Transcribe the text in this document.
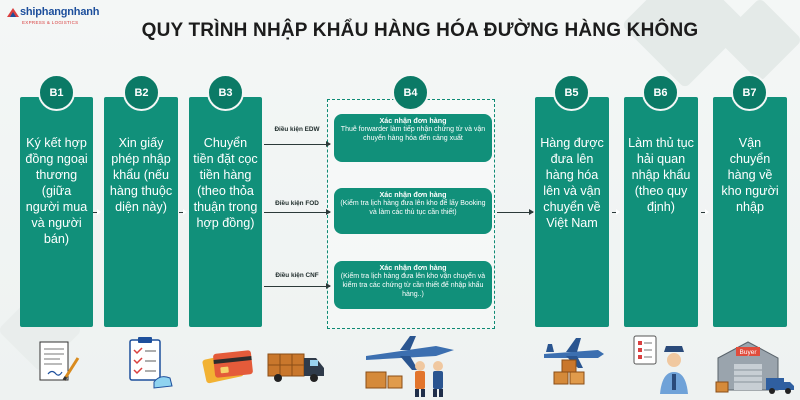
shiphangnhanh
EXPRESS & LOGISTICS	QUY TRÌNH NHẬP KHẨU HÀNG HÓA ĐƯỜNG HÀNG KHÔNG
Ký kết hợp đồng ngoại thương (giữa người mua và người bán)
B1
Xin giấy phép nhập khẩu (nếu hàng thuộc diện này)
B2
Chuyển tiền đặt cọc tiền hàng (theo thỏa thuận trong hợp đồng)
B3
Hàng được đưa lên hàng hóa lên và vận chuyển về Việt Nam
B5
Làm thủ tục hải quan nhập khẩu (theo quy định)
B6
Vận chuyển hàng về kho người nhập
B7
B4
Điều kiện EDW
Điều kiện FOD
Điều kiện CNF
Xác nhận đơn hàng
Thuê forwarder làm tiếp nhận chứng từ và vận chuyển hàng hóa đến cảng xuất
Xác nhận đơn hàng
(Kiểm tra lịch hàng đưa lên kho để lấy Booking và làm các thủ tục cần thiết)
Xác nhận đơn hàng
(Kiểm tra lịch hàng đưa lên kho vận chuyển và kiểm tra các chứng từ cần thiết để nhập khẩu hàng..)
Buyer
